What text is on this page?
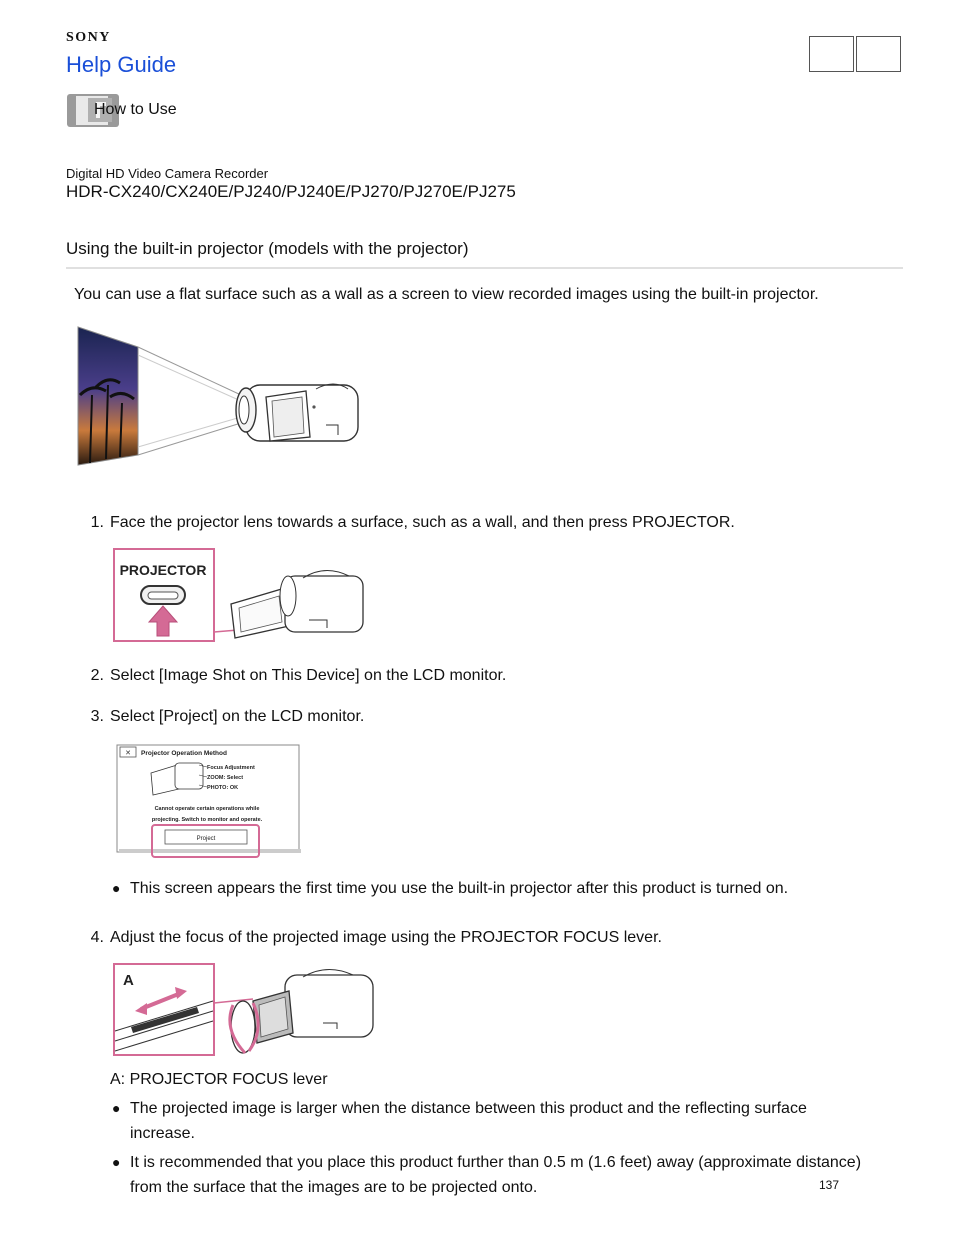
SONY
Help Guide
How to Use
Digital HD Video Camera Recorder
HDR-CX240/CX240E/PJ240/PJ240E/PJ270/PJ270E/PJ275
Using the built-in projector (models with the projector)
You can use a flat surface such as a wall as a screen to view recorded images using the built-in projector.
1. Face the projector lens towards a surface, such as a wall, and then press PROJECTOR.
PROJECTOR
2. Select [Image Shot on This Device] on the LCD monitor.
3. Select [Project] on the LCD monitor.
✕ Projector Operation Method
Focus Adjustment
ZOOM: Select
PHOTO: OK
Cannot operate certain operations while
projecting. Switch to monitor and operate.
Project
● This screen appears the first time you use the built-in projector after this product is turned on.
4. Adjust the focus of the projected image using the PROJECTOR FOCUS lever.
A
A: PROJECTOR FOCUS lever
● The projected image is larger when the distance between this product and the reflecting surface
increase.
● It is recommended that you place this product further than 0.5 m (1.6 feet) away (approximate distance)
from the surface that the images are to be projected onto.	137
